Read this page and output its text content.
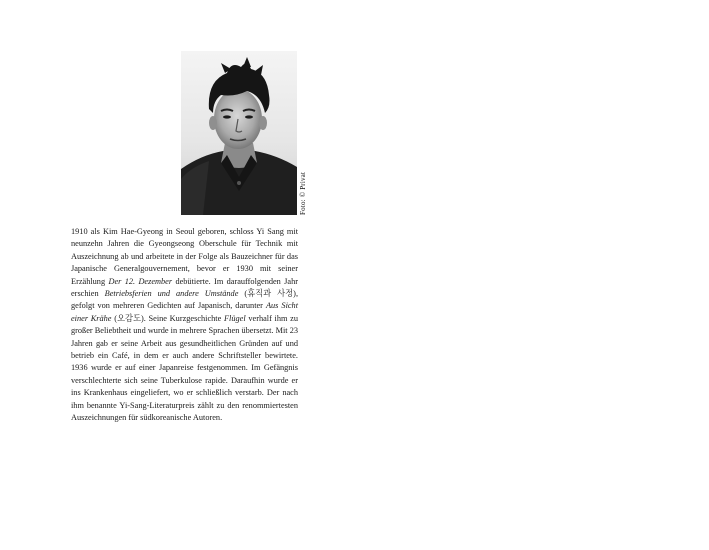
Foto: © Privat

1910 als Kim Hae-Gyeong in Seoul geboren, schloss Yi Sang mit neunzehn Jahren die Gyeongseong Oberschule für Technik mit Auszeichnung ab und arbeitete in der Folge als Bauzeichner für das Japanische Generalgouvernement, bevor er 1930 mit seiner Erzählung Der 12. Dezember debütierte. Im darauffolgenden Jahr erschien Betriebsferien und andere Umstände (휴직과 사정), gefolgt von mehreren Gedichten auf Japanisch, darunter Aus Sicht einer Krähe (오감도). Seine Kurzgeschichte Flügel verhalf ihm zu großer Beliebtheit und wurde in mehrere Sprachen übersetzt. Mit 23 Jahren gab er seine Arbeit aus gesundheitlichen Gründen auf und betrieb ein Café, in dem er auch andere Schriftsteller bewirtete. 1936 wurde er auf einer Japanreise festgenommen. Im Gefängnis verschlechterte sich seine Tuberkulose rapide. Daraufhin wurde er ins Krankenhaus eingeliefert, wo er schließlich verstarb. Der nach ihm benannte Yi-Sang-Literaturpreis zählt zu den renommiertesten Auszeichnungen für südkoreanische Autoren.
